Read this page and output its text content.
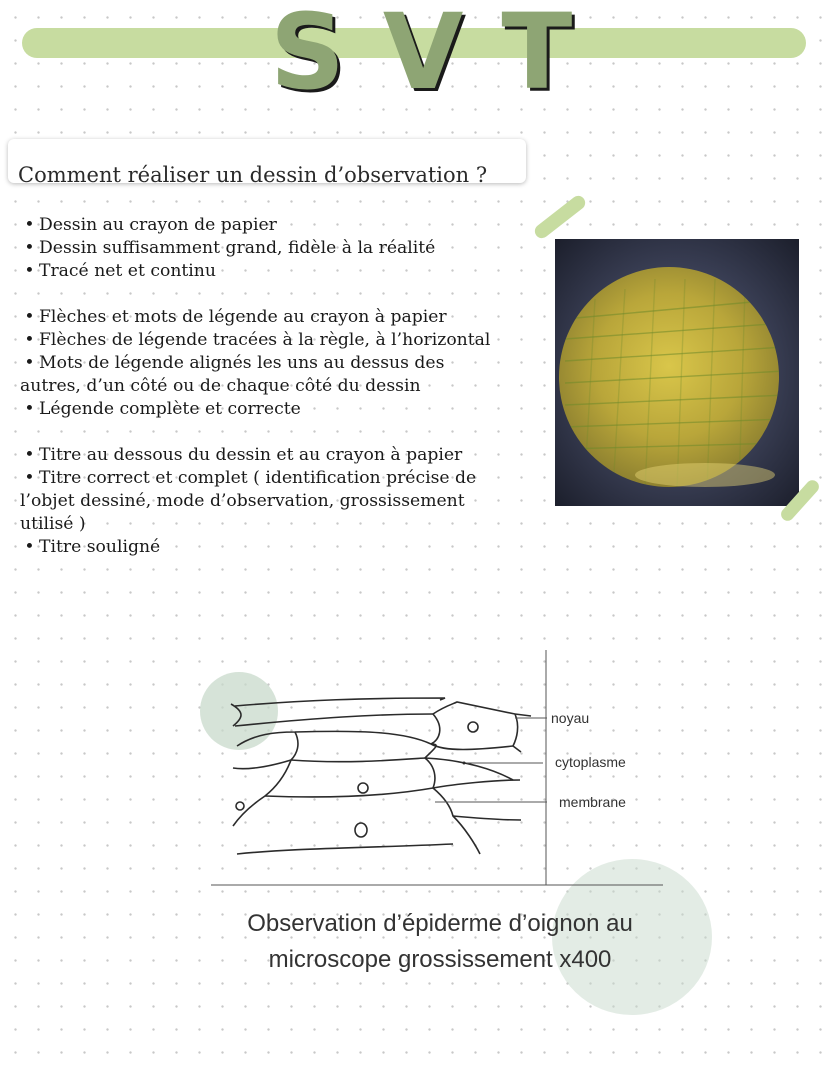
SVT
Comment réaliser un dessin d’observation ?

• Dessin au crayon de papier

• Dessin suffisamment grand, fidèle à la réalité

• Tracé net et continu

• Flèches et mots de légende au crayon à papier

• Flèches de légende tracées à la règle, à l’horizontal

• Mots de légende alignés les uns au dessus des autres, d’un côté ou de chaque côté du dessin

• Légende complète et correcte

• Titre au dessous du dessin et au crayon à papier

• Titre correct et complet ( identification précise de l’objet dessiné, mode d’observation, grossissement utilisé )

• Titre souligné

noyau
cytoplasme
membrane
Observation d’épiderme d’oignon au
microscope grossissement x400
